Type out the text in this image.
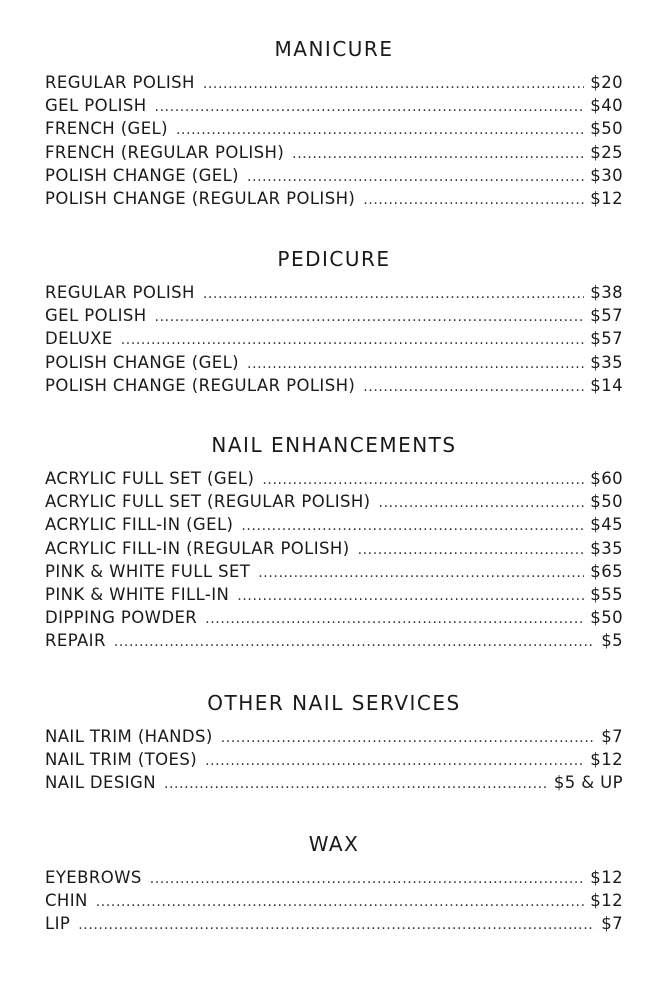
MANICURE
REGULAR POLISH .....	$20
GEL POLISH .....	$40
FRENCH (GEL) .....	$50
FRENCH (REGULAR POLISH) .....	$25
POLISH CHANGE (GEL) .....	$30
POLISH CHANGE (REGULAR POLISH) .....	$12
PEDICURE
REGULAR POLISH .....	$38
GEL POLISH .....	$57
DELUXE .....	$57
POLISH CHANGE (GEL) .....	$35
POLISH CHANGE (REGULAR POLISH) .....	$14
NAIL ENHANCEMENTS
ACRYLIC FULL SET (GEL) .....	$60
ACRYLIC FULL SET (REGULAR POLISH) .....	$50
ACRYLIC FILL-IN (GEL) .....	$45
ACRYLIC FILL-IN (REGULAR POLISH) .....	$35
PINK & WHITE FULL SET .....	$65
PINK & WHITE FILL-IN .....	$55
DIPPING POWDER .....	$50
REPAIR .....	$5
OTHER NAIL SERVICES
NAIL TRIM (HANDS) .....	$7
NAIL TRIM (TOES) .....	$12
NAIL DESIGN .....	$5 & UP
WAX
EYEBROWS .....	$12
CHIN .....	$12
LIP .....	$7
